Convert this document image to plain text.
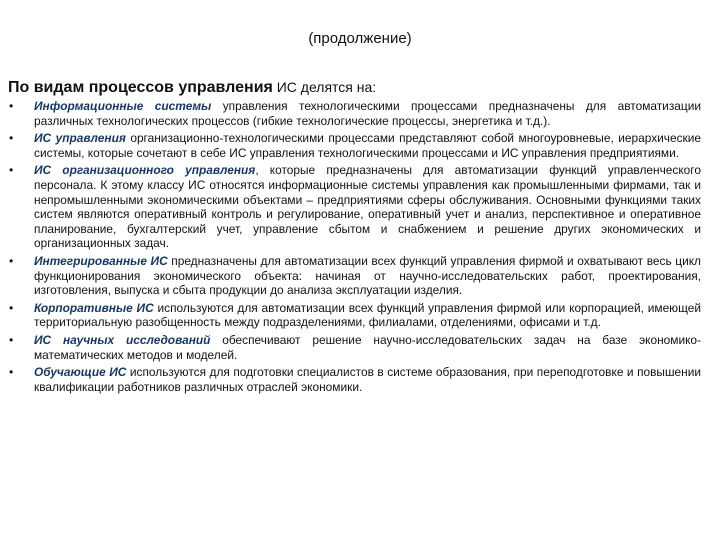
(продолжение)
По видам процессов управления ИС делятся на:
• Информационные системы управления технологическими процессами предназначены для автоматизации различных технологических процессов (гибкие технологические процессы, энергетика и т.д.).
• ИС управления организационно-технологическими процессами представляют собой многоуровневые, иерархические системы, которые сочетают в себе ИС управления технологическими процессами и ИС управления предприятиями.
• ИС организационного управления, которые предназначены для автоматизации функций управленческого персонала. К этому классу ИС относятся информационные системы управления как промышленными фирмами, так и непромышленными экономическими объектами – предприятиями сферы обслуживания. Основными функциями таких систем являются оперативный контроль и регулирование, оперативный учет и анализ, перспективное и оперативное планирование, бухгалтерский учет, управление сбытом и снабжением и решение других экономических и организационных задач.
• Интегрированные ИС предназначены для автоматизации всех функций управления фирмой и охватывают весь цикл функционирования экономического объекта: начиная от научно-исследовательских работ, проектирования, изготовления, выпуска и сбыта продукции до анализа эксплуатации изделия.
• Корпоративные ИС используются для автоматизации всех функций управления фирмой или корпорацией, имеющей территориальную разобщенность между подразделениями, филиалами, отделениями, офисами и т.д.
• ИС научных исследований обеспечивают решение научно-исследовательских задач на базе экономико-математических методов и моделей.
• Обучающие ИС используются для подготовки специалистов в системе образования, при переподготовке и повышении квалификации работников различных отраслей экономики.
